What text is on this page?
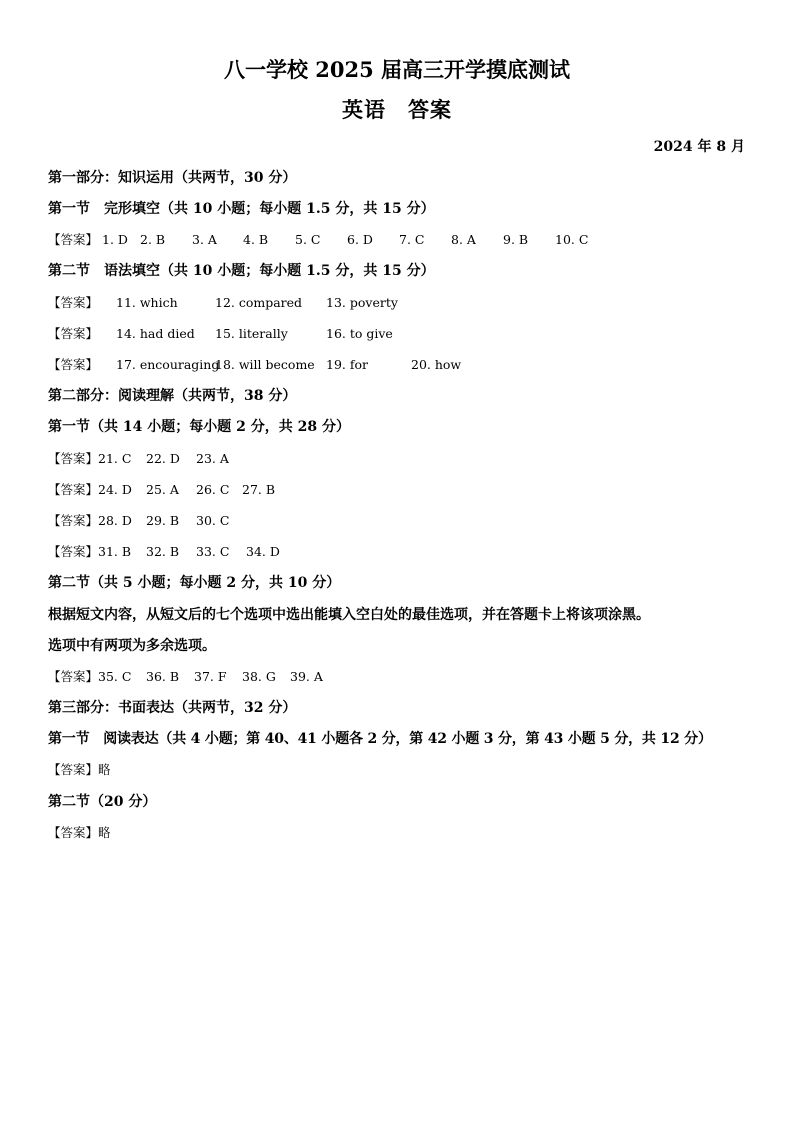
八一学校 2025 届高三开学摸底测试
英语　答案
2024 年 8 月
第一部分：知识运用（共两节，30 分）
第一节　完形填空（共 10 小题；每小题 1.5 分，共 15 分）
【答案】 1. D 2. B 3. A 4. B 5. C 6. D 7. C 8. A 9. B 10. C
第二节　语法填空（共 10 小题；每小题 1.5 分，共 15 分）
【答案】 11. which	12. compared 13. poverty
【答案】 14. had died 15. literally	16. to give
【答案】 17. encouraging18. will become 19. for	20. how
第二部分：阅读理解（共两节，38 分）
第一节（共 14 小题；每小题 2 分，共 28 分）
【答案】21. C 22. D 23. A
【答案】24. D 25. A 26. C 27. B
【答案】28. D 29. B 30. C
【答案】31. B 32. B 33. C 34. D
第二节（共 5 小题；每小题 2 分，共 10 分）
根据短文内容，从短文后的七个选项中选出能填入空白处的最佳选项，并在答题卡上将该项涂黑。
选项中有两项为多余选项。
【答案】35. C 36. B 37. F 38. G 39. A
第三部分：书面表达（共两节，32 分）
第一节　阅读表达（共 4 小题；第 40、41 小题各 2 分，第 42 小题 3 分，第 43 小题 5 分，共 12 分）
【答案】略
第二节（20 分）
【答案】略
